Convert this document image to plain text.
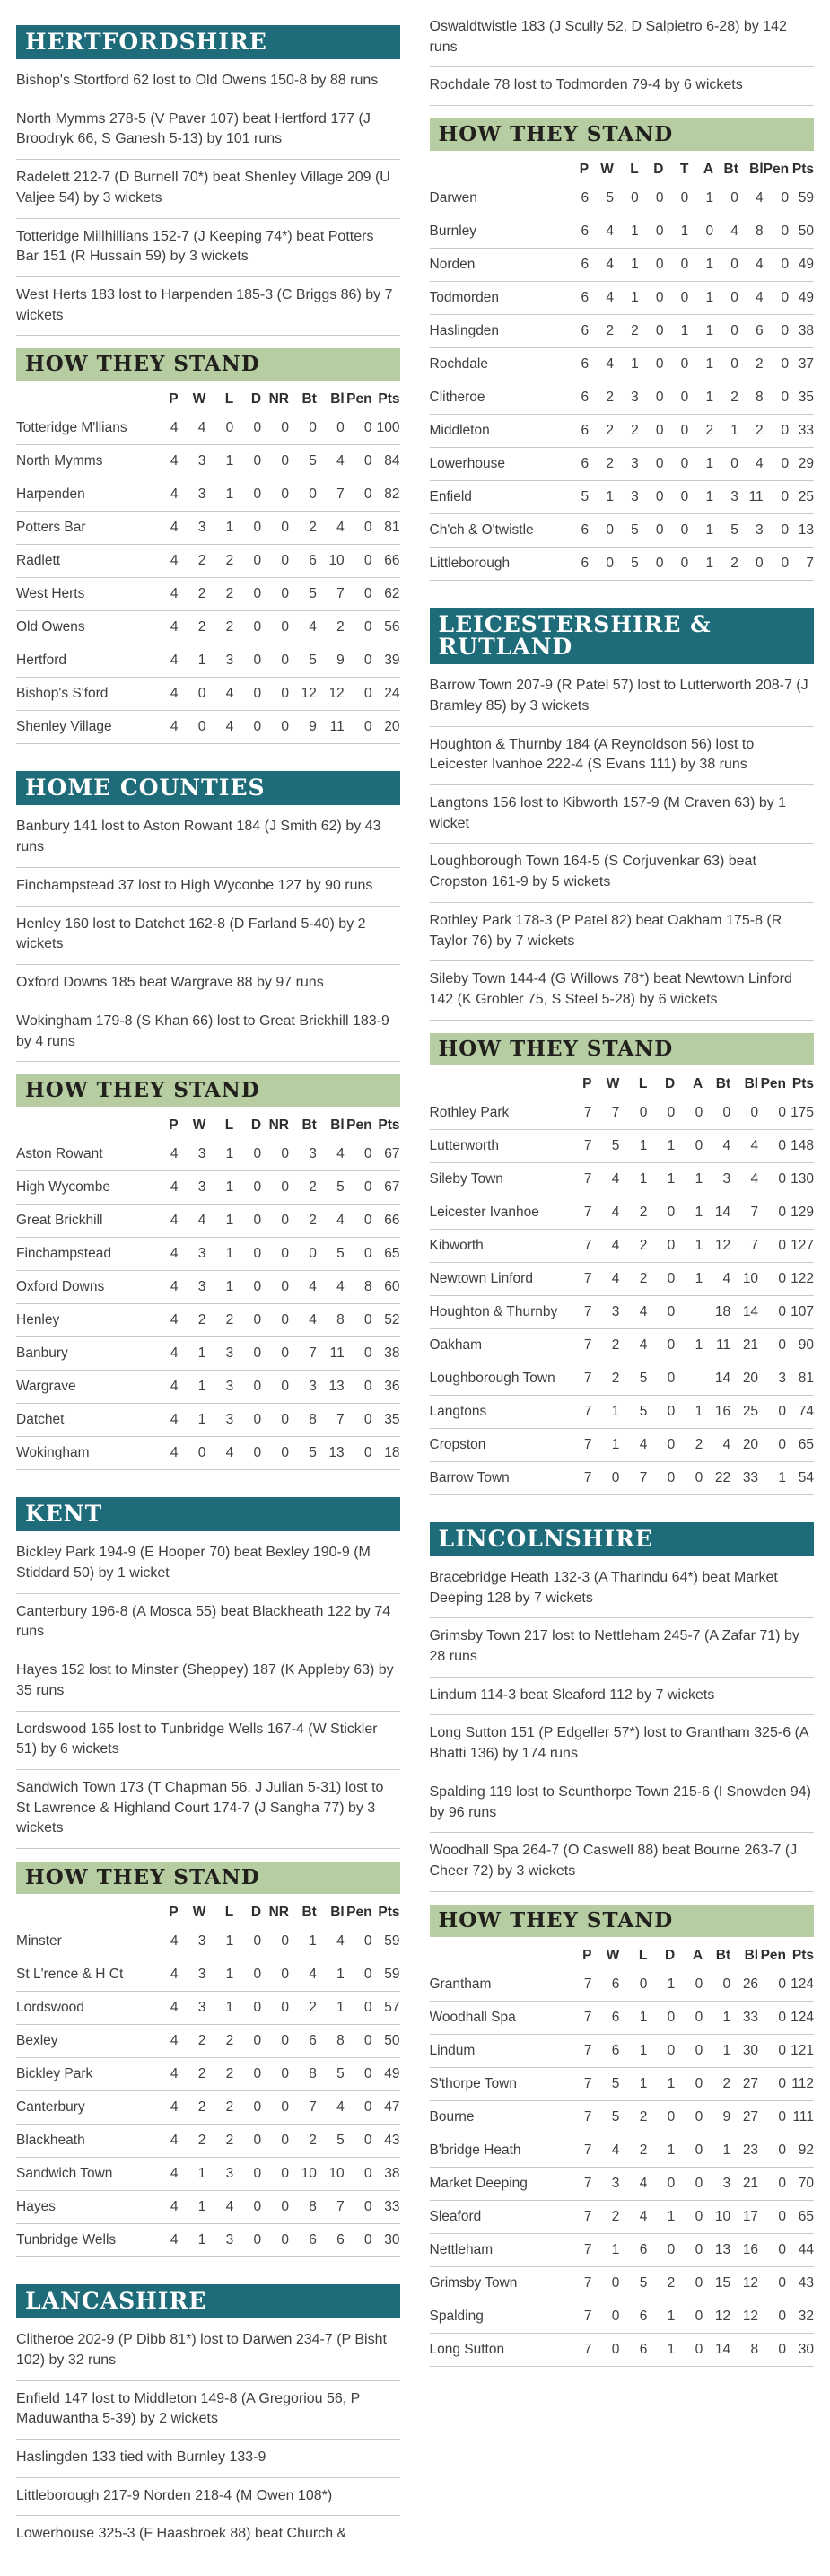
HERTFORDSHIRE
Bishop's Stortford 62 lost to Old Owens 150-8 by 88 runs
North Mymms 278-5 (V Paver 107) beat Hertford 177 (J Broodryk 66, S Ganesh 5-13) by 101 runs
Radelett 212-7 (D Burnell 70*) beat Shenley Village 209 (U Valjee 54) by 3 wickets
Totteridge Millhillians 152-7 (J Keeping 74*) beat Potters Bar 151 (R Hussain 59) by 3 wickets
West Herts 183 lost to Harpenden 185-3 (C Briggs 86) by 7 wickets
HOW THEY STAND
	P	W	L	D	NR	Bt	Bl	Pen	Pts
Totteridge M'llians	4	4	0	0	0	0	0	0	100
North Mymms	4	3	1	0	0	5	4	0	84
Harpenden	4	3	1	0	0	0	7	0	82
Potters Bar	4	3	1	0	0	2	4	0	81
Radlett	4	2	2	0	0	6	10	0	66
West Herts	4	2	2	0	0	5	7	0	62
Old Owens	4	2	2	0	0	4	2	0	56
Hertford	4	1	3	0	0	5	9	0	39
Bishop's S'ford	4	0	4	0	0	12	12	0	24
Shenley Village	4	0	4	0	0	9	11	0	20
HOME COUNTIES
Banbury 141 lost to Aston Rowant 184 (J Smith 62) by 43 runs
Finchampstead 37 lost to High Wyconbe 127 by 90 runs
Henley 160 lost to Datchet 162-8 (D Farland 5-40) by 2 wickets
Oxford Downs 185 beat Wargrave 88 by 97 runs
Wokingham 179-8 (S Khan 66) lost to Great Brickhill 183-9 by 4 runs
HOW THEY STAND
	P	W	L	D	NR	Bt	Bl	Pen	Pts
Aston Rowant	4	3	1	0	0	3	4	0	67
High Wycombe	4	3	1	0	0	2	5	0	67
Great Brickhill	4	4	1	0	0	2	4	0	66
Finchampstead	4	3	1	0	0	0	5	0	65
Oxford Downs	4	3	1	0	0	4	4	8	60
Henley	4	2	2	0	0	4	8	0	52
Banbury	4	1	3	0	0	7	11	0	38
Wargrave	4	1	3	0	0	3	13	0	36
Datchet	4	1	3	0	0	8	7	0	35
Wokingham	4	0	4	0	0	5	13	0	18
KENT
Bickley Park 194-9 (E Hooper 70) beat Bexley 190-9 (M Stiddard 50) by 1 wicket
Canterbury 196-8 (A Mosca 55) beat Blackheath 122 by 74 runs
Hayes 152 lost to Minster (Sheppey) 187 (K Appleby 63) by 35 runs
Lordswood 165 lost to Tunbridge Wells 167-4 (W Stickler 51) by 6 wickets
Sandwich Town 173 (T Chapman 56, J Julian 5-31) lost to St Lawrence & Highland Court 174-7 (J Sangha 77) by 3 wickets
HOW THEY STAND
	P	W	L	D	NR	Bt	Bl	Pen	Pts
Minster	4	3	1	0	0	1	4	0	59
St L'rence & H Ct	4	3	1	0	0	4	1	0	59
Lordswood	4	3	1	0	0	2	1	0	57
Bexley	4	2	2	0	0	6	8	0	50
Bickley Park	4	2	2	0	0	8	5	0	49
Canterbury	4	2	2	0	0	7	4	0	47
Blackheath	4	2	2	0	0	2	5	0	43
Sandwich Town	4	1	3	0	0	10	10	0	38
Hayes	4	1	4	0	0	8	7	0	33
Tunbridge Wells	4	1	3	0	0	6	6	0	30
LANCASHIRE
Clitheroe 202-9 (P Dibb 81*) lost to Darwen 234-7 (P Bisht 102) by 32 runs
Enfield 147 lost to Middleton 149-8 (A Gregoriou 56, P Maduwantha 5-39) by 2 wickets
Haslingden 133 tied with Burnley 133-9
Littleborough 217-9 Norden 218-4 (M Owen 108*)
Lowerhouse 325-3 (F Haasbroek 88) beat Church &
Oswaldtwistle 183 (J Scully 52, D Salpietro 6-28) by 142 runs
Rochdale 78 lost to Todmorden 79-4 by 6 wickets
HOW THEY STAND
	P	W	L	D	T	A	Bt	Bl	Pen	Pts
Darwen	6	5	0	0	0	1	0	4	0	59
Burnley	6	4	1	0	1	0	4	8	0	50
Norden	6	4	1	0	0	1	0	4	0	49
Todmorden	6	4	1	0	0	1	0	4	0	49
Haslingden	6	2	2	0	1	1	0	6	0	38
Rochdale	6	4	1	0	0	1	0	2	0	37
Clitheroe	6	2	3	0	0	1	2	8	0	35
Middleton	6	2	2	0	0	2	1	2	0	33
Lowerhouse	6	2	3	0	0	1	0	4	0	29
Enfield	5	1	3	0	0	1	3	11	0	25
Ch'ch & O'twistle	6	0	5	0	0	1	5	3	0	13
Littleborough	6	0	5	0	0	1	2	0	0	7
LEICESTERSHIRE & RUTLAND
Barrow Town 207-9 (R Patel 57) lost to Lutterworth 208-7 (J Bramley 85) by 3 wickets
Houghton & Thurnby 184 (A Reynoldson 56) lost to Leicester Ivanhoe 222-4 (S Evans 111) by 38 runs
Langtons 156 lost to Kibworth 157-9 (M Craven 63) by 1 wicket
Loughborough Town 164-5 (S Corjuvenkar 63) beat Cropston 161-9 by 5 wickets
Rothley Park 178-3 (P Patel 82) beat Oakham 175-8 (R Taylor 76) by 7 wickets
Sileby Town 144-4 (G Willows 78*) beat Newtown Linford 142 (K Grobler 75, S Steel 5-28) by 6 wickets
HOW THEY STAND
	P	W	L	D	A	Bt	Bl	Pen	Pts
Rothley Park	7	7	0	0	0	0	0	0	175
Lutterworth	7	5	1	1	0	4	4	0	148
Sileby Town	7	4	1	1	1	3	4	0	130
Leicester Ivanhoe	7	4	2	0	1	14	7	0	129
Kibworth	7	4	2	0	1	12	7	0	127
Newtown Linford	7	4	2	0	1	4	10	0	122
Houghton & Thurnby	7	3	4	0		18	14	0	107
Oakham	7	2	4	0	1	11	21	0	90
Loughborough Town	7	2	5	0		14	20	3	81
Langtons	7	1	5	0	1	16	25	0	74
Cropston	7	1	4	0	2	4	20	0	65
Barrow Town	7	0	7	0	0	22	33	1	54
LINCOLNSHIRE
Bracebridge Heath 132-3 (A Tharindu 64*) beat Market Deeping 128 by 7 wickets
Grimsby Town 217 lost to Nettleham 245-7 (A Zafar 71) by 28 runs
Lindum 114-3 beat Sleaford 112 by 7 wickets
Long Sutton 151 (P Edgeller 57*) lost to Grantham 325-6 (A Bhatti 136) by 174 runs
Spalding 119 lost to Scunthorpe Town 215-6 (I Snowden 94) by 96 runs
Woodhall Spa 264-7 (O Caswell 88) beat Bourne 263-7 (J Cheer 72) by 3 wickets
HOW THEY STAND
	P	W	L	D	A	Bt	Bl	Pen	Pts
Grantham	7	6	0	1	0	0	26	0	124
Woodhall Spa	7	6	1	0	0	1	33	0	124
Lindum	7	6	1	0	0	1	30	0	121
S'thorpe Town	7	5	1	1	0	2	27	0	112
Bourne	7	5	2	0	0	9	27	0	111
B'bridge Heath	7	4	2	1	0	1	23	0	92
Market Deeping	7	3	4	0	0	3	21	0	70
Sleaford	7	2	4	1	0	10	17	0	65
Nettleham	7	1	6	0	0	13	16	0	44
Grimsby Town	7	0	5	2	0	15	12	0	43
Spalding	7	0	6	1	0	12	12	0	32
Long Sutton	7	0	6	1	0	14	8	0	30
